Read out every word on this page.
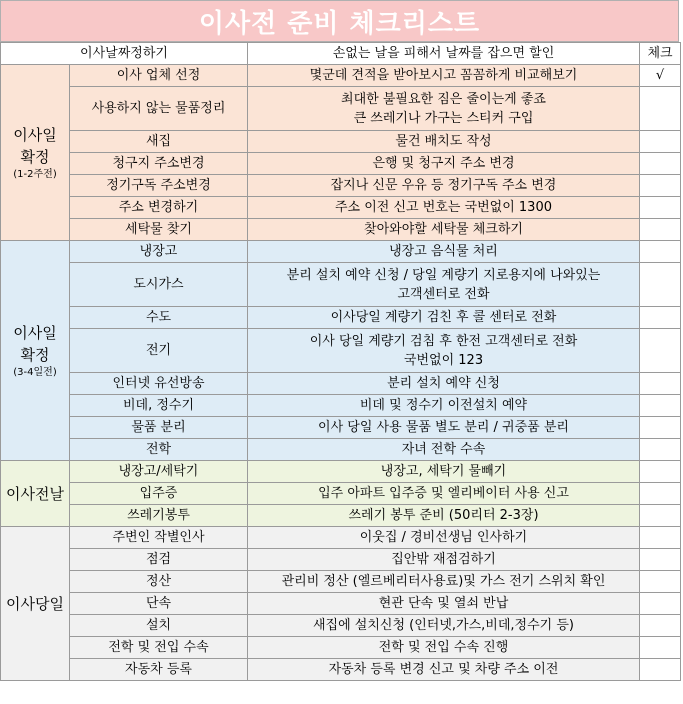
이사전 준비 체크리스트
이사날짜정하기		손없는 날을 피해서 날짜를 잡으면 할인	체크

이사일
확정
(1-2주전)	이사 업체 선정	몇군데 견적을 받아보시고 꼼꼼하게 비교해보기	√
	사용하지 않는 물품정리	최대한 불필요한 짐은 줄이는게 좋죠
큰 쓰레기나 가구는 스티커 구입	
	새집	물건 배치도 작성	
	청구지 주소변경	은행 및 청구지 주소 변경	
	정기구독 주소변경	잡지나 신문 우유 등 정기구독 주소 변경	
	주소 변경하기	주소 이전 신고 번호는 국번없이 1300	
	세탁물 찾기	찾아와야할 세탁물 체크하기	

이사일
확정
(3-4일전)	냉장고	냉장고 음식물 처리	
	도시가스	분리 설치 예약 신청 / 당일 계량기 지로용지에 나와있는
고객센터로 전화	
	수도	이사당일 계량기 검친 후 콜 센터로 전화	
	전기	이사 당일 계량기 검침 후 한전 고객센터로 전화
국번없이 123	
	인터넷 유선방송	분리 설치 예약 신청	
	비데, 정수기	비데 및 정수기 이전설치 예약	
	물품 분리	이사 당일 사용 물품 별도 분리 / 귀중품 분리	
	전학	자녀 전학 수속	

이사전날	냉장고/세탁기	냉장고, 세탁기 물빼기	
	입주증	입주 아파트 입주증 및 엘리베이터 사용 신고	
	쓰레기봉투	쓰레기 봉투 준비 (50리터 2-3장)	

이사당일	주변인 작별인사	이웃집 / 경비선생님 인사하기	
	점검	집안밖 재점검하기	
	정산	관리비 정산 (엘르베리터사용료)및 가스 전기 스위치 확인	
	단속	현관 단속 및 열쇠 반납	
	설치	새집에 설치신청 (인터넷,가스,비데,정수기 등)	
	전학 및 전입 수속	전학 및 전입 수속 진행	
	자동차 등록	자동차 등록 변경 신고 및 차량 주소 이전	
